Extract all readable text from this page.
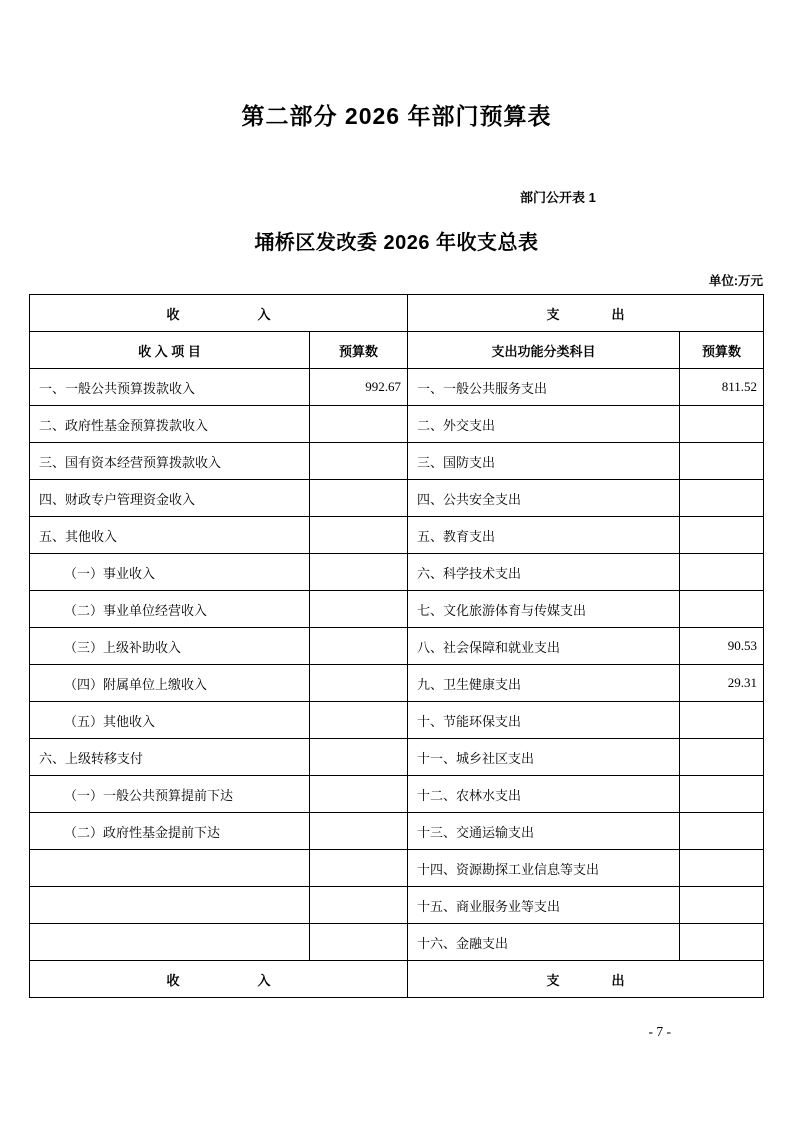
第二部分 2026 年部门预算表
部门公开表 1
埇桥区发改委 2026 年收支总表
单位:万元
收　　　　　　入		支　　　　出	
收 入 项 目	预算数	支出功能分类科目	预算数
一、一般公共预算拨款收入	992.67	一、一般公共服务支出	811.52
二、政府性基金预算拨款收入		二、外交支出	
三、国有资本经营预算拨款收入		三、国防支出	
四、财政专户管理资金收入		四、公共安全支出	
五、其他收入		五、教育支出	
（一）事业收入		六、科学技术支出	
（二）事业单位经营收入		七、文化旅游体育与传媒支出	
（三）上级补助收入		八、社会保障和就业支出	90.53
（四）附属单位上缴收入		九、卫生健康支出	29.31
（五）其他收入		十、节能环保支出	
六、上级转移支付		十一、城乡社区支出	
（一）一般公共预算提前下达		十二、农林水支出	
（二）政府性基金提前下达		十三、交通运输支出	
		十四、资源勘探工业信息等支出	
		十五、商业服务业等支出	
		十六、金融支出	
收　　　　　　入		支　　　　出	
- 7 -
